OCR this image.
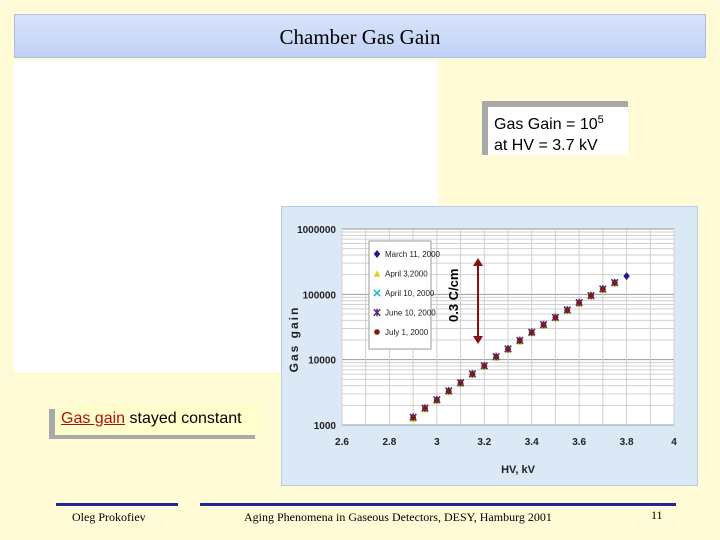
Chamber Gas Gain
1000
10000
100000
1000000
2.6	2.8	3	3.2	3.4	3.6	3.8	4
HV, kV
Gas gain
March 11, 2000
April 3,2000
April 10, 2000
June 10, 2000
July 1, 2000
Gas Gain = $10^5$
at HV = 3.7 kV
0.3 C/cm
Gas gain stayed constant
Oleg Prokofiev	Aging Phenomena in Gaseous Detectors, DESY, Hamburg 2001	11
